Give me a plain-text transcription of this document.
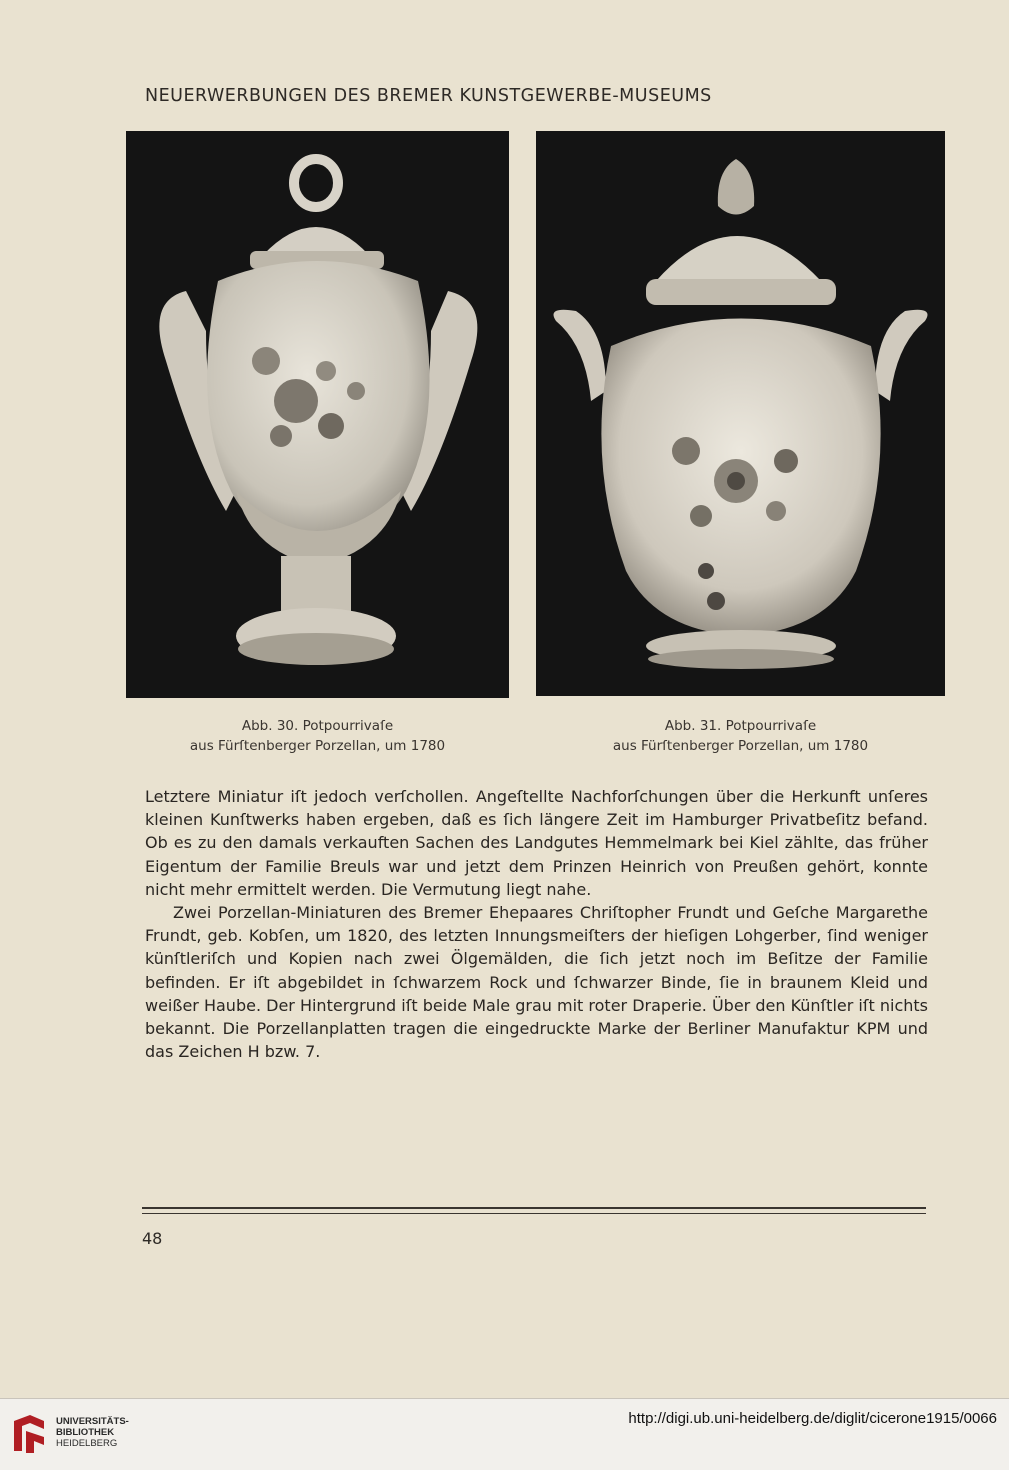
NEUERWERBUNGEN DES BREMER KUNSTGEWERBE-MUSEUMS
Abb. 30. Potpourrivaſe
aus Fürſtenberger Porzellan, um 1780
Abb. 31. Potpourrivaſe
aus Fürſtenberger Porzellan, um 1780

Letztere Miniatur iſt jedoch verſchollen. Angeſtellte Nachforſchungen über die Herkunft unſeres kleinen Kunſtwerks haben ergeben, daß es ſich längere Zeit im Hamburger Privatbeſitz befand. Ob es zu den damals verkauften Sachen des Landgutes Hemmelmark bei Kiel zählte, das früher Eigentum der Familie Breuls war und jetzt dem Prinzen Heinrich von Preußen gehört, konnte nicht mehr ermittelt werden. Die Vermutung liegt nahe.

Zwei Porzellan-Miniaturen des Bremer Ehepaares Chriſtopher Frundt und Geſche Margarethe Frundt, geb. Kobſen, um 1820, des letzten Innungsmeiſters der hieſigen Lohgerber, ſind weniger künſtleriſch und Kopien nach zwei Ölgemälden, die ſich jetzt noch im Beſitze der Familie befinden. Er iſt abgebildet in ſchwarzem Rock und ſchwarzer Binde, ſie in braunem Kleid und weißer Haube. Der Hintergrund iſt beide Male grau mit roter Draperie. Über den Künſtler iſt nichts bekannt. Die Porzellanplatten tragen die eingedruckte Marke der Berliner Manufaktur KPM und das Zeichen H bzw. 7.

48
UNIVERSITÄTS-
BIBLIOTHEK
HEIDELBERG
http://digi.ub.uni-heidelberg.de/diglit/cicerone1915/0066
